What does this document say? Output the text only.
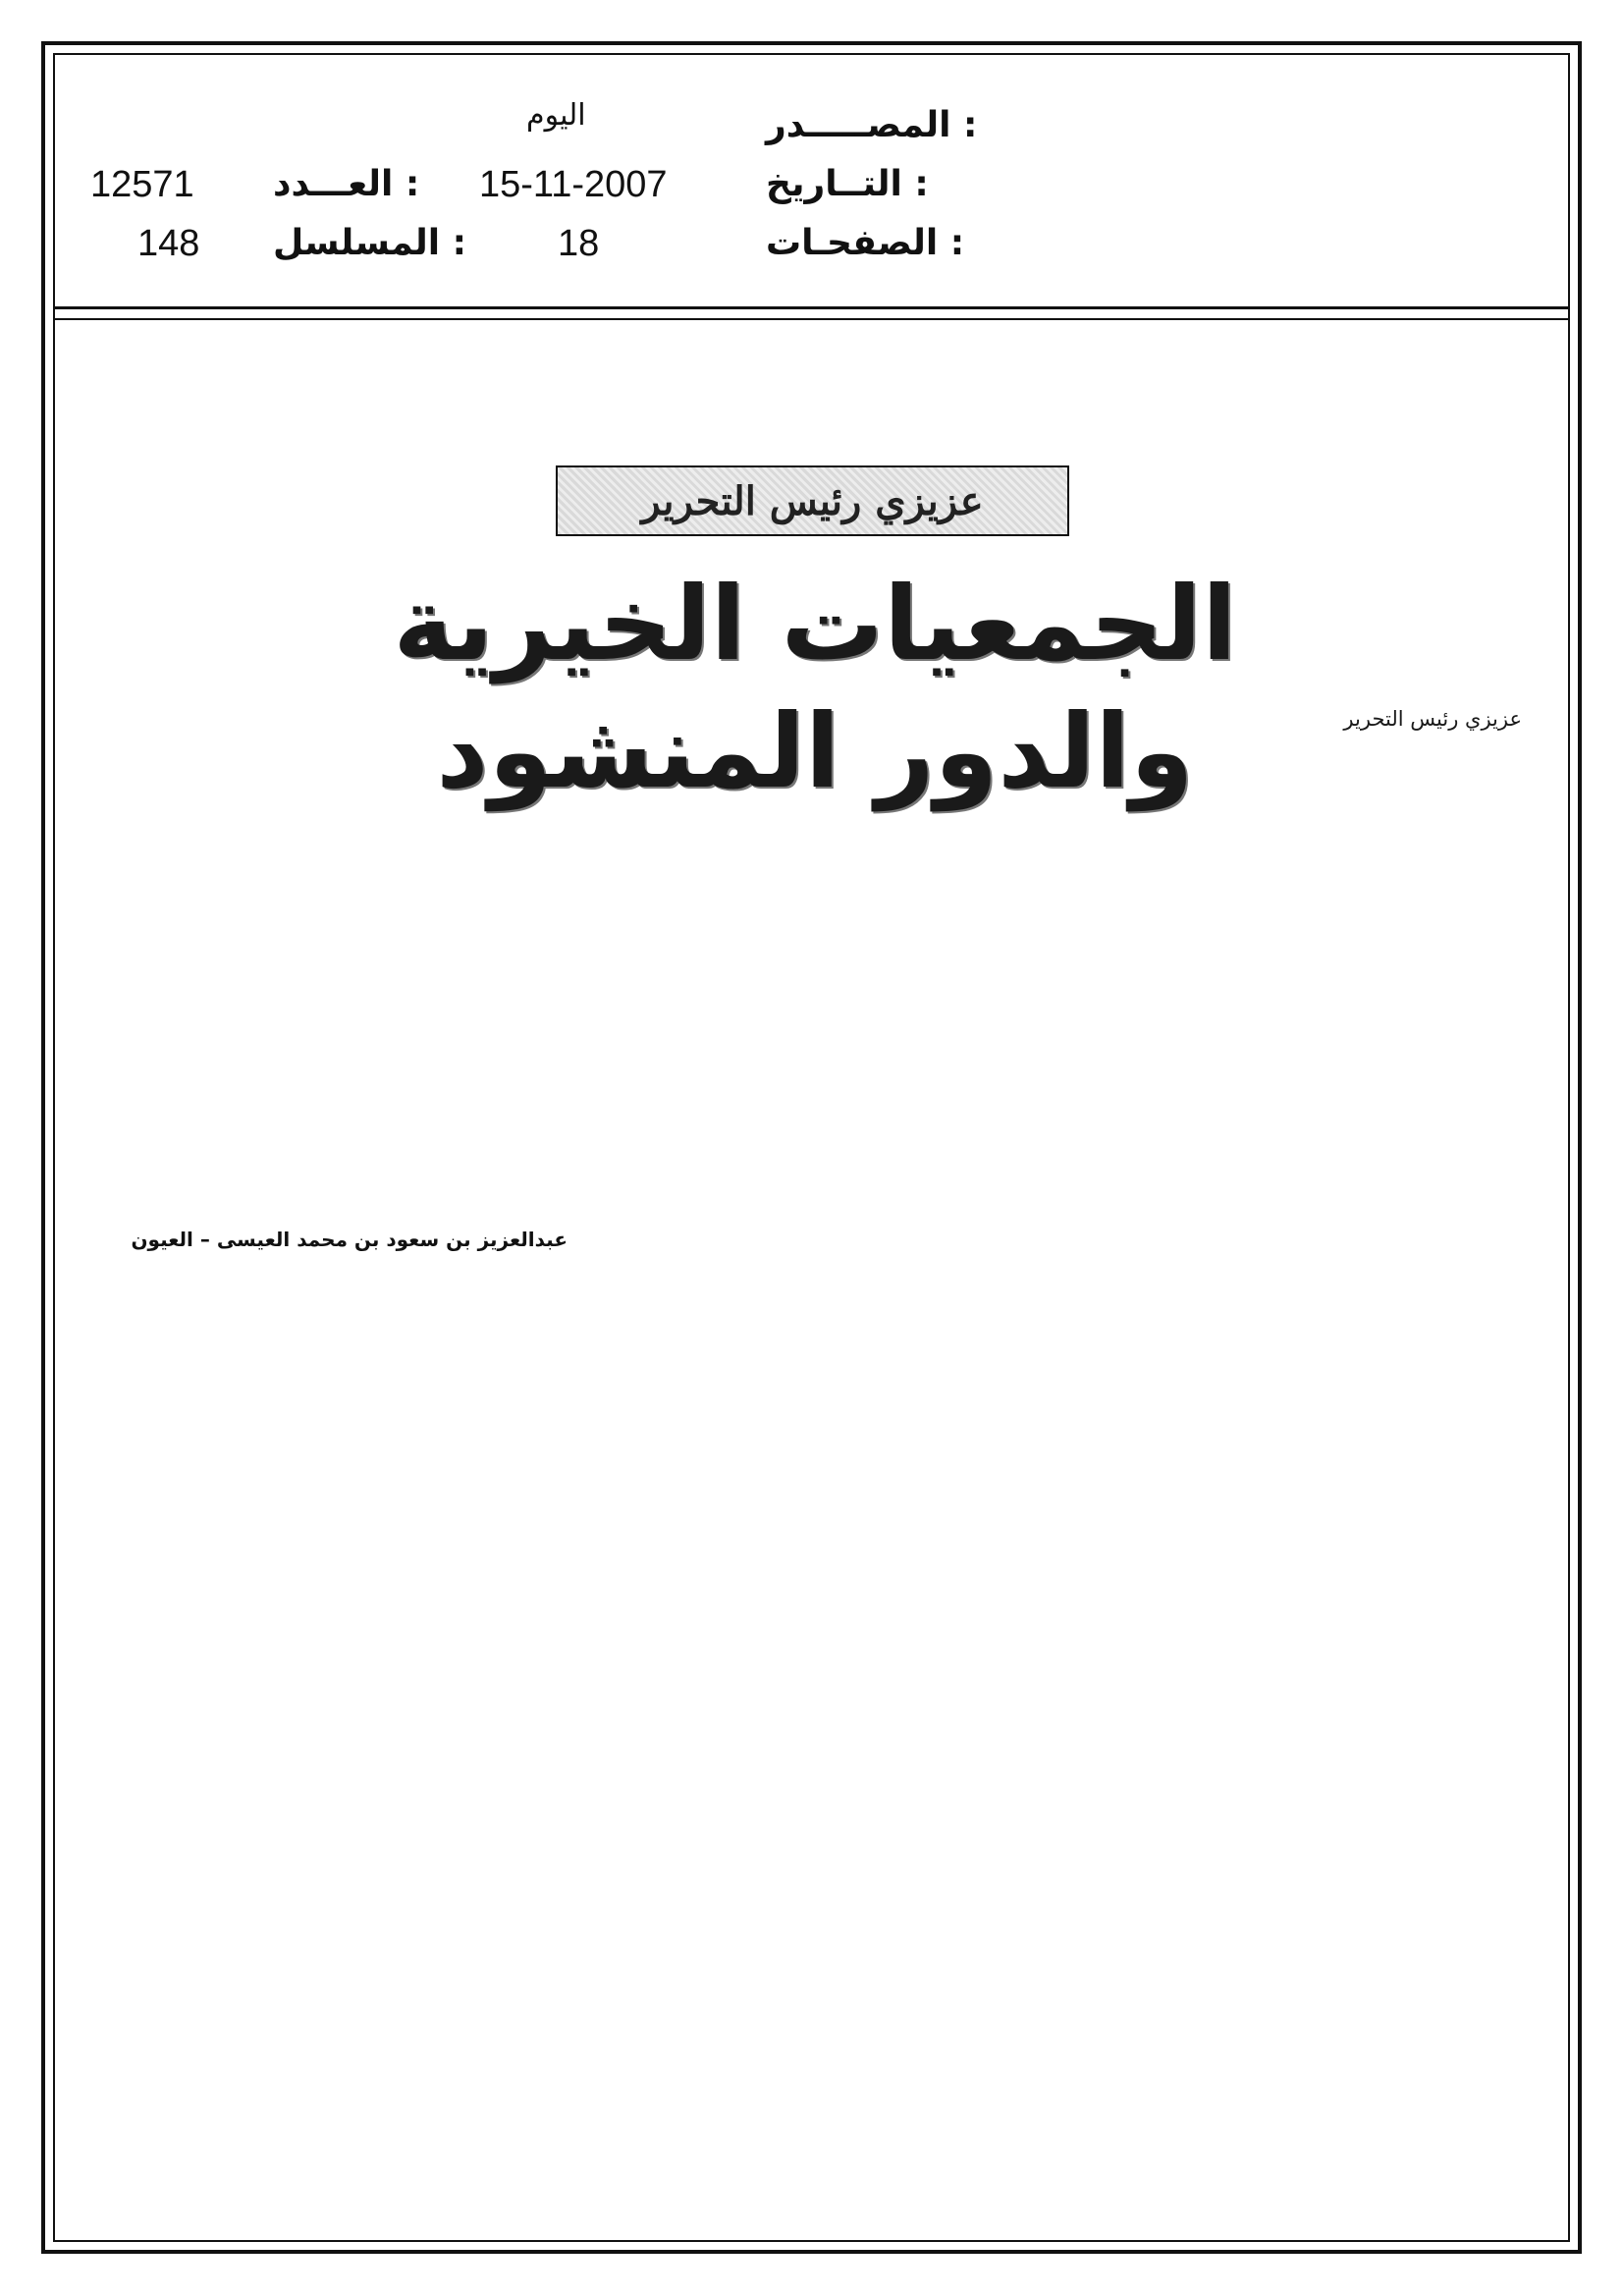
المصـــــدر :
اليوم
التــاريخ :
15-11-2007
العـــدد :
12571
الصفحـات :
18
المسلسل :
148
عزيزي رئيس التحرير
الجمعيات الخيرية والدور المنشود	عزيزي رئيس التحرير

عبدالعزيز بن سعود بن محمد العيسى – العيون
